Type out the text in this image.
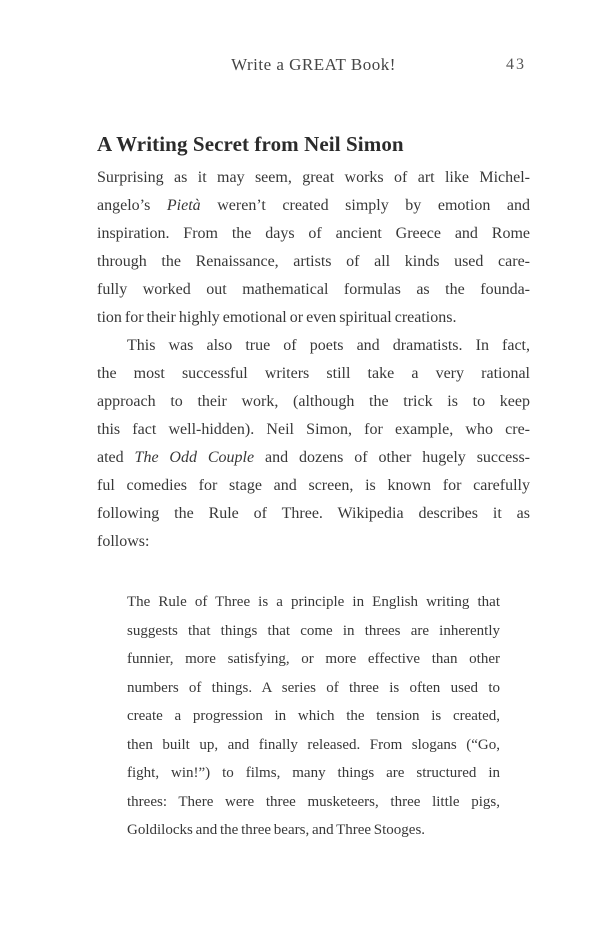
Write a GREAT Book!	43
A Writing Secret from Neil Simon
Surprising as it may seem, great works of art like Michel-
angelo’s Pietà weren’t created simply by emotion and
inspiration. From the days of ancient Greece and Rome
through the Renaissance, artists of all kinds used care-
fully worked out mathematical formulas as the founda-
tion for their highly emotional or even spiritual creations.
This was also true of poets and dramatists. In fact,
the most successful writers still take a very rational
approach to their work, (although the trick is to keep
this fact well-hidden). Neil Simon, for example, who cre-
ated The Odd Couple and dozens of other hugely success-
ful comedies for stage and screen, is known for carefully
following the Rule of Three. Wikipedia describes it as
follows:
The Rule of Three is a principle in English writing that
suggests that things that come in threes are inherently
funnier, more satisfying, or more effective than other
numbers of things. A series of three is often used to
create a progression in which the tension is created,
then built up, and finally released. From slogans (“Go,
fight, win!”) to films, many things are structured in
threes: There were three musketeers, three little pigs,
Goldilocks and the three bears, and Three Stooges.
